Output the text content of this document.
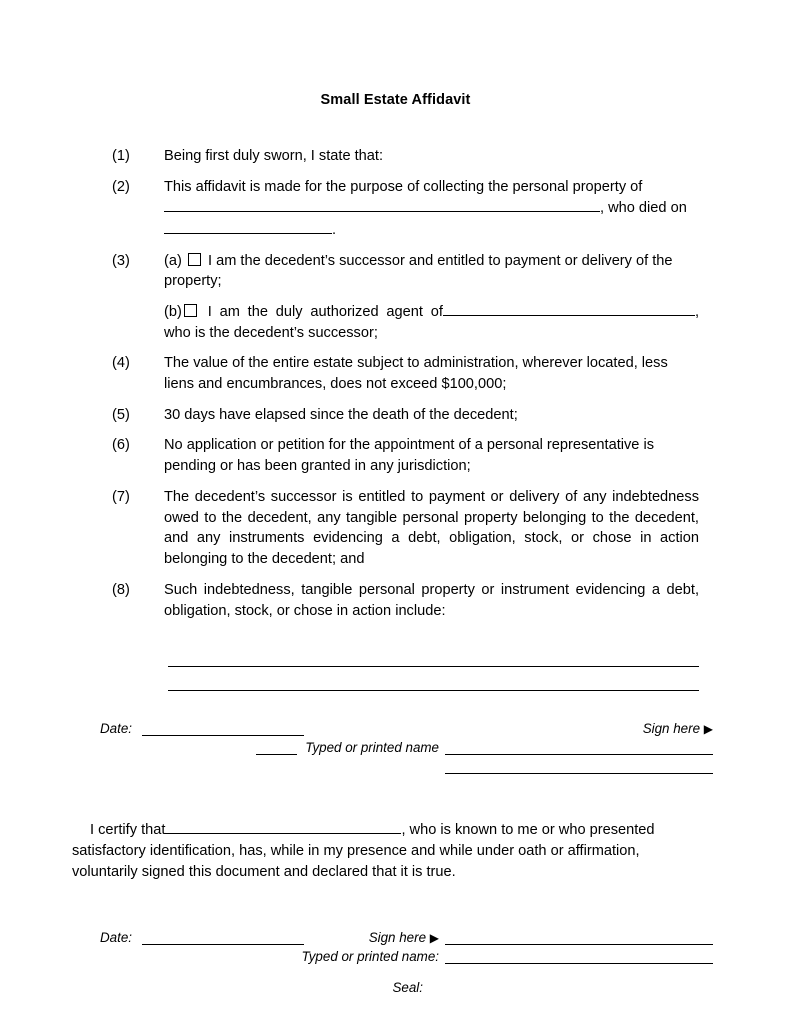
Small Estate Affidavit
(1)	Being first duly sworn, I state that:
(2)	This affidavit is made for the purpose of collecting the personal property of
, who died on
.
(3)	(a) I am the decedent’s successor and entitled to payment or delivery of the property;
(b) I am the duly authorized agent of	, who is the decedent’s successor;
(4)	The value of the entire estate subject to administration, wherever located, less liens and encumbrances, does not exceed $100,000;
(5)	30 days have elapsed since the death of the decedent;
(6)	No application or petition for the appointment of a personal representative is pending or has been granted in any jurisdiction;
(7)	The decedent’s successor is entitled to payment or delivery of any indebtedness owed to the decedent, any tangible personal property belonging to the decedent, and any instruments evidencing a debt, obligation, stock, or chose in action belonging to the decedent; and
(8)	Such indebtedness, tangible personal property or instrument evidencing a debt, obligation, stock, or chose in action include:
Date:	Sign here ▶
Typed or printed name
I certify that	, who is known to me or who presented satisfactory identification, has, while in my presence and while under oath or affirmation, voluntarily signed this document and declared that it is true.
Date:	Sign here ▶
Typed or printed name:
Seal:
